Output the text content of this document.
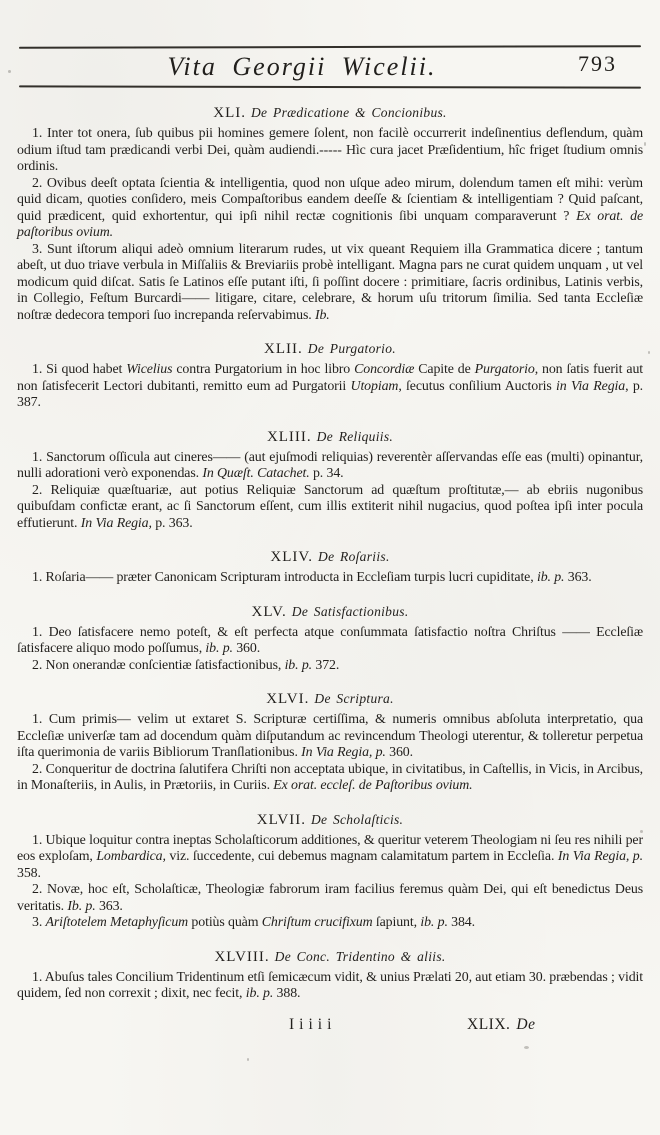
Vita Georgii Wicelii.	793
XLI. De Prædicatione & Concionibus.

1. Inter tot onera, ſub quibus pii homines gemere ſolent, non facilè occurrerit indeſinentius deflendum, quàm odium iſtud tam prædicandi verbi Dei, quàm audiendi.----- Hìc cura jacet Præſidentium, hîc friget ſtudium omnis ordinis.

2. Ovibus deeſt optata ſcientia & intelligentia, quod non uſque adeo mirum, dolendum tamen eſt mihi: verùm quid dicam, quoties conſidero, meis Compaſtoribus eandem deeſſe & ſcientiam & intelligentiam ? Quid paſcant, quid prædicent, quid exhortentur, qui ipſi nihil rectæ cognitionis ſibi unquam comparaverunt ? Ex orat. de paſtoribus ovium.

3. Sunt iſtorum aliqui adeò omnium literarum rudes, ut vix queant Requiem illa Grammatica dicere ; tantum abeſt, ut duo triave verbula in Miſſaliis & Breviariis probè intelligant. Magna pars ne curat quidem unquam , ut vel modicum quid diſcat. Satis ſe Latinos eſſe putant iſti, ſi poſſint docere : primitiare, ſacris ordinibus, Latinis verbis, in Collegio, Feſtum Burcardi—— litigare, citare, celebrare, & horum uſu tritorum ſimilia. Sed tanta Eccleſiæ noſtræ dedecora tempori ſuo increpanda reſervabimus. Ib.

XLII. De Purgatorio.

1. Si quod habet Wicelius contra Purgatorium in hoc libro Concordiæ Capite de Purgatorio, non ſatis fuerit aut non ſatisfecerit Lectori dubitanti, remitto eum ad Purgatorii Utopiam, ſecutus conſilium Auctoris in Via Regia, p. 387.

XLIII. De Reliquiis.

1. Sanctorum oſſicula aut cineres—— (aut ejuſmodi reliquias) reverentèr aſſervandas eſſe eas (multi) opinantur, nulli adorationi verò exponendas. In Quæſt. Catachet. p. 34.

2. Reliquiæ quæſtuariæ, aut potius Reliquiæ Sanctorum ad quæſtum proſtitutæ,— ab ebriis nugonibus quibuſdam confictæ erant, ac ſi Sanctorum eſſent, cum illis extiterit nihil nugacius, quod poſtea ipſi inter pocula effutierunt. In Via Regia, p. 363.

XLIV. De Roſariis.

1. Roſaria—— præter Canonicam Scripturam introducta in Eccleſiam turpis lucri cupiditate, ib. p. 363.

XLV. De Satisfactionibus.

1. Deo ſatisfacere nemo poteſt, & eſt perfecta atque conſummata ſatisfactio noſtra Chriſtus —— Eccleſiæ ſatisfacere aliquo modo poſſumus, ib. p. 360.

2. Non onerandæ conſcientiæ ſatisfactionibus, ib. p. 372.

XLVI. De Scriptura.

1. Cum primis— velim ut extaret S. Scripturæ certiſſima, & numeris omnibus abſoluta interpretatio, qua Eccleſiæ univerſæ tam ad docendum quàm diſputandum ac revincendum Theologi uterentur, & tolleretur perpetua iſta querimonia de variis Bibliorum Tranſlationibus. In Via Regia, p. 360.

2. Conqueritur de doctrina ſalutifera Chriſti non acceptata ubique, in civitatibus, in Caſtellis, in Vicis, in Arcibus, in Monaſteriis, in Aulis, in Prætoriis, in Curiis. Ex orat. eccleſ. de Paſtoribus ovium.

XLVII. De Scholaſticis.

1. Ubique loquitur contra ineptas Scholaſticorum additiones, & queritur veterem Theologiam ni ſeu res nihili per eos exploſam, Lombardica, viz. ſuccedente, cui debemus magnam calamitatum partem in Eccleſia. In Via Regia, p. 358.

2. Novæ, hoc eſt, Scholaſticæ, Theologiæ fabrorum iram facilius feremus quàm Dei, qui eſt benedictus Deus veritatis. Ib. p. 363.

3. Ariſtotelem Metaphyſicum potiùs quàm Chriſtum crucifixum ſapiunt, ib. p. 384.

XLVIII. De Conc. Tridentino & aliis.

1. Abuſus tales Concilium Tridentinum etſi ſemicæcum vidit, & unius Prælati 20, aut etiam 30. præbendas ; vidit quidem, ſed non correxit ; dixit, nec fecit, ib. p. 388.

Iiiii	XLIX. De
